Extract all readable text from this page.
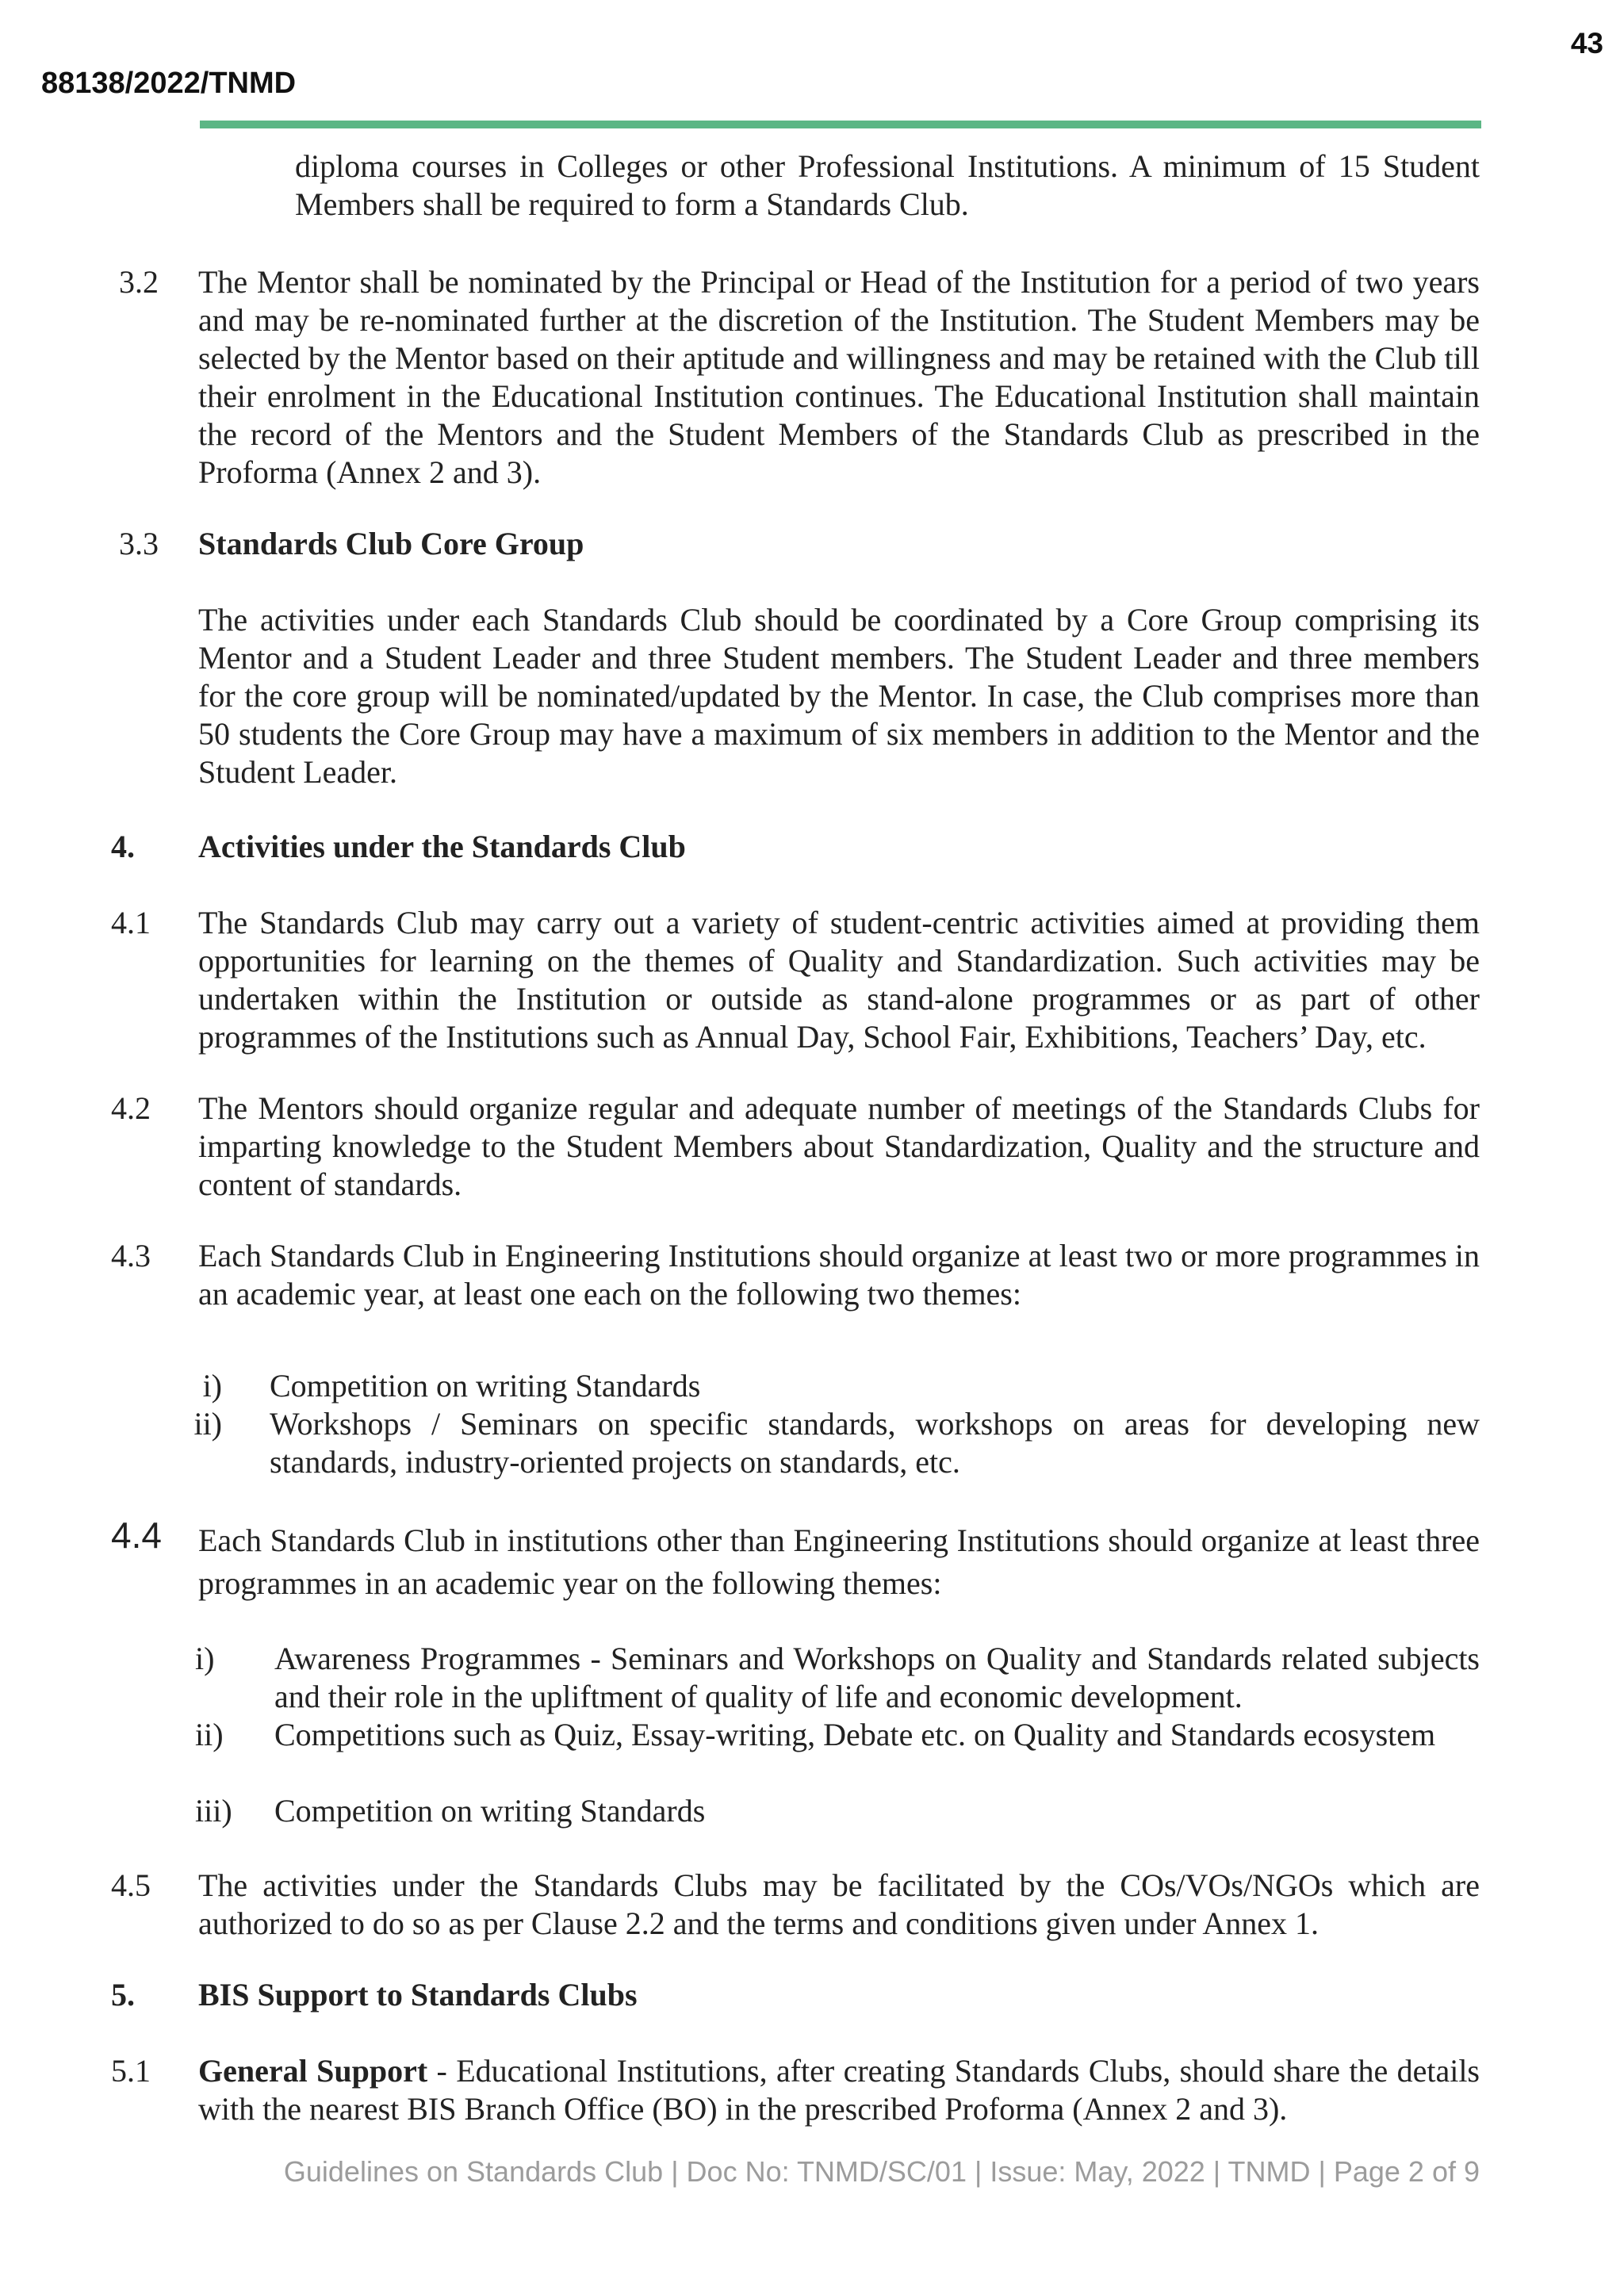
43
88138/2022/TNMD
diploma courses in Colleges or other Professional Institutions. A minimum of 15 Student Members shall be required to form a Standards Club.
3.2	The Mentor shall be nominated by the Principal or Head of the Institution for a period of two years and may be re-nominated further at the discretion of the Institution. The Student Members may be selected by the Mentor based on their aptitude and willingness and may be retained with the Club till their enrolment in the Educational Institution continues. The Educational Institution shall maintain the record of the Mentors and the Student Members of the Standards Club as prescribed in the Proforma (Annex 2 and 3).
3.3	Standards Club Core Group
The activities under each Standards Club should be coordinated by a Core Group comprising its Mentor and a Student Leader and three Student members. The Student Leader and three members for the core group will be nominated/updated by the Mentor. In case, the Club comprises more than 50 students the Core Group may have a maximum of six members in addition to the Mentor and the Student Leader.
4.	Activities under the Standards Club
4.1	The Standards Club may carry out a variety of student-centric activities aimed at providing them opportunities for learning on the themes of Quality and Standardization. Such activities may be undertaken within the Institution or outside as stand-alone programmes or as part of other programmes of the Institutions such as Annual Day, School Fair, Exhibitions, Teachers’ Day, etc.
4.2	The Mentors should organize regular and adequate number of meetings of the Standards Clubs for imparting knowledge to the Student Members about Standardization, Quality and the structure and content of standards.
4.3	Each Standards Club in Engineering Institutions should organize at least two or more programmes in an academic year, at least one each on the following two themes:
i) Competition on writing Standards
ii) Workshops / Seminars on specific standards, workshops on areas for developing new standards, industry-oriented projects on standards, etc.
4.4	Each Standards Club in institutions other than Engineering Institutions should organize at least three programmes in an academic year on the following themes:
i)	Awareness Programmes - Seminars and Workshops on Quality and Standards related subjects and their role in the upliftment of quality of life and economic development.
ii)	Competitions such as Quiz, Essay-writing, Debate etc. on Quality and Standards ecosystem
iii)	Competition on writing Standards
4.5	The activities under the Standards Clubs may be facilitated by the COs/VOs/NGOs which are authorized to do so as per Clause 2.2 and the terms and conditions given under Annex 1.
5.	BIS Support to Standards Clubs
5.1	General Support - Educational Institutions, after creating Standards Clubs, should share the details with the nearest BIS Branch Office (BO) in the prescribed Proforma (Annex 2 and 3).
Guidelines on Standards Club | Doc No: TNMD/SC/01 | Issue: May, 2022 | TNMD | Page 2 of 9
